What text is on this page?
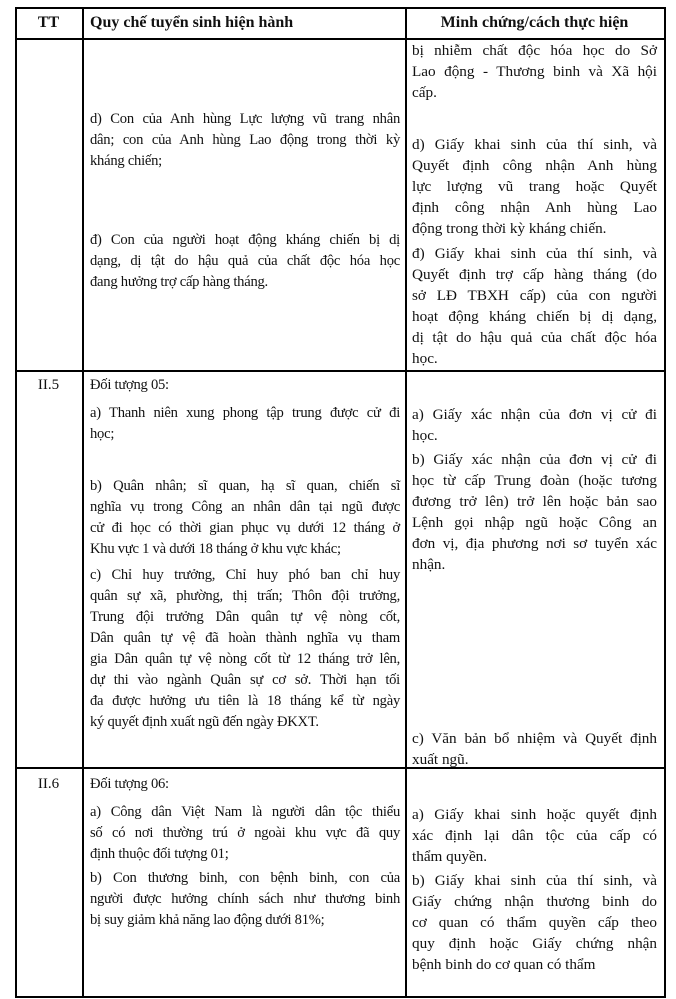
TT	Quy chế tuyển sinh hiện hành	Minh chứng/cách thực hiện
II.5
II.6
bị nhiễm chất độc hóa học do Sở
Lao động - Thương binh và Xã hội
cấp.
d) Con của Anh hùng Lực lượng vũ trang nhân
dân; con của Anh hùng Lao động trong thời kỳ
kháng chiến;
d) Giấy khai sinh của thí sinh, và
Quyết định công nhận Anh hùng
lực lượng vũ trang hoặc Quyết
định công nhận Anh hùng Lao
động trong thời kỳ kháng chiến.
đ) Con của người hoạt động kháng chiến bị dị
dạng, dị tật do hậu quả của chất độc hóa học
đang hưởng trợ cấp hàng tháng.
đ) Giấy khai sinh của thí sinh, và
Quyết định trợ cấp hàng tháng (do
sở LĐ TBXH cấp) của con người
hoạt động kháng chiến bị dị dạng,
dị tật do hậu quả của chất độc hóa
học.
Đối tượng 05:
a) Thanh niên xung phong tập trung được cử đi
học;
b) Quân nhân; sĩ quan, hạ sĩ quan, chiến sĩ
nghĩa vụ trong Công an nhân dân tại ngũ được
cử đi học có thời gian phục vụ dưới 12 tháng ở
Khu vực 1 và dưới 18 tháng ở khu vực khác;
c) Chỉ huy trưởng, Chỉ huy phó ban chỉ huy
quân sự xã, phường, thị trấn; Thôn đội trưởng,
Trung đội trưởng Dân quân tự vệ nòng cốt,
Dân quân tự vệ đã hoàn thành nghĩa vụ tham
gia Dân quân tự vệ nòng cốt từ 12 tháng trở lên,
dự thi vào ngành Quân sự cơ sở. Thời hạn tối
đa được hưởng ưu tiên là 18 tháng kể từ ngày
ký quyết định xuất ngũ đến ngày ĐKXT.
a) Giấy xác nhận của đơn vị cử đi
học.
b) Giấy xác nhận của đơn vị cử đi
học từ cấp Trung đoàn (hoặc tương
đương trở lên) trở lên hoặc bản sao
Lệnh gọi nhập ngũ hoặc Công an
đơn vị, địa phương nơi sơ tuyển xác
nhận.
c) Văn bản bổ nhiệm và Quyết định
xuất ngũ.
Đối tượng 06:
a) Công dân Việt Nam là người dân tộc thiểu
số có nơi thường trú ở ngoài khu vực đã quy
định thuộc đối tượng 01;
b) Con thương binh, con bệnh binh, con của
người được hưởng chính sách như thương binh
bị suy giảm khả năng lao động dưới 81%;
a) Giấy khai sinh hoặc quyết định
xác định lại dân tộc của cấp có
thẩm quyền.
b) Giấy khai sinh của thí sinh, và
Giấy chứng nhận thương binh do
cơ quan có thẩm quyền cấp theo
quy định hoặc Giấy chứng nhận
bệnh binh do cơ quan có thẩm
